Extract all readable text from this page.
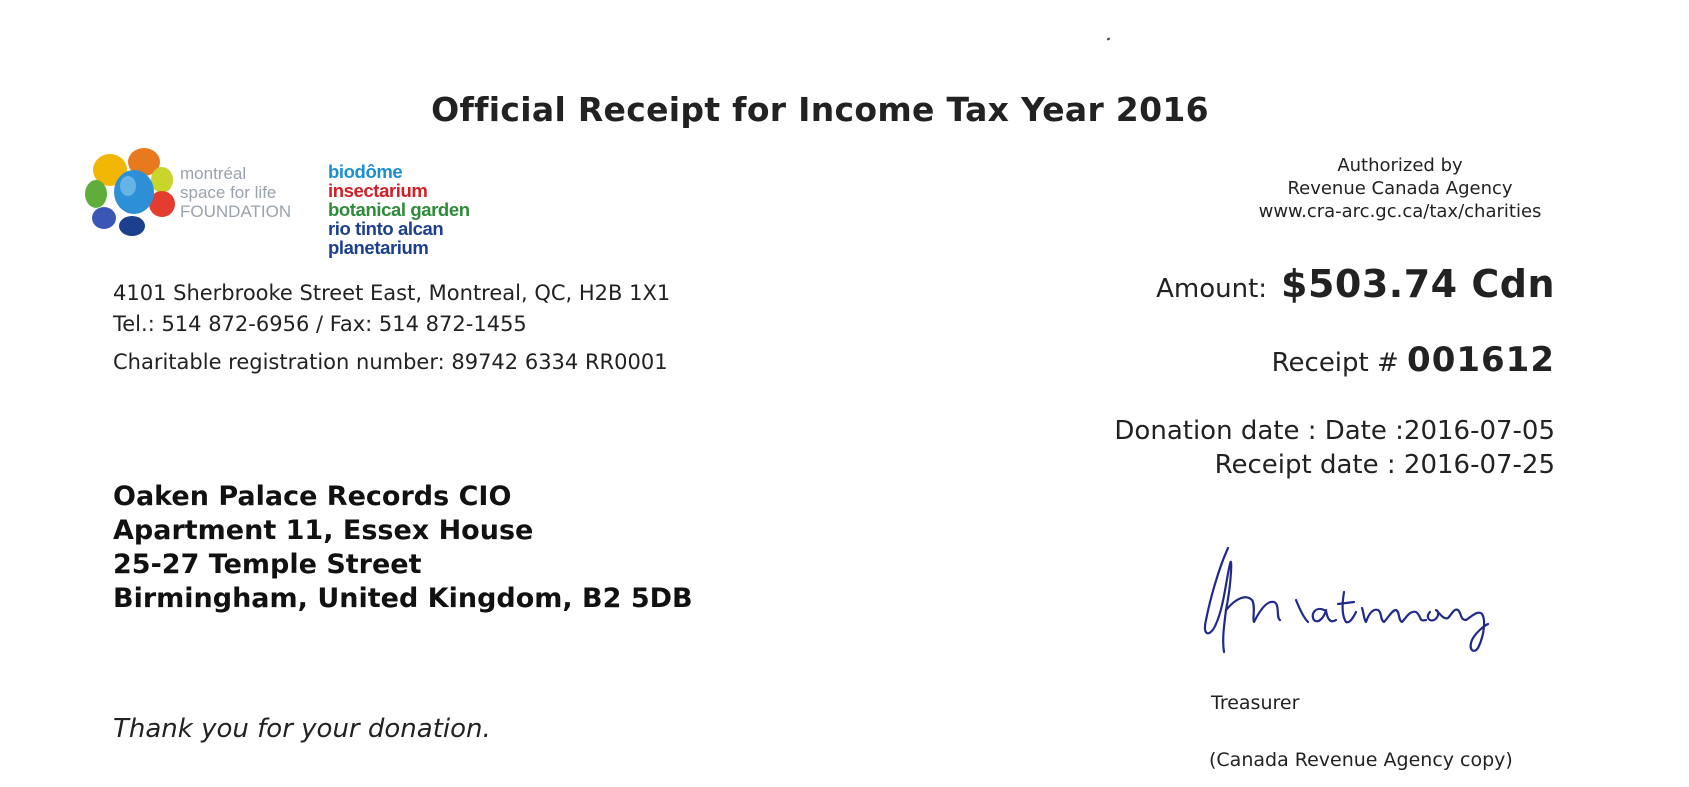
Official Receipt for Income Tax Year 2016
montréal
space for life
FOUNDATION
biodôme
insectarium
botanical garden
rio tinto alcan
planetarium
4101 Sherbrooke Street East, Montreal, QC, H2B 1X1
Tel.: 514 872-6956 / Fax: 514 872-1455
Charitable registration number: 89742 6334 RR0001
Authorized by
Revenue Canada Agency
www.cra-arc.gc.ca/tax/charities
Amount: $503.74 Cdn
Receipt # 001612
Donation date : Date :2016-07-05
Receipt date : 2016-07-25
Oaken Palace Records CIO
Apartment 11, Essex House
25-27 Temple Street
Birmingham, United Kingdom, B2 5DB
Treasurer
Thank you for your donation.
(Canada Revenue Agency copy)
